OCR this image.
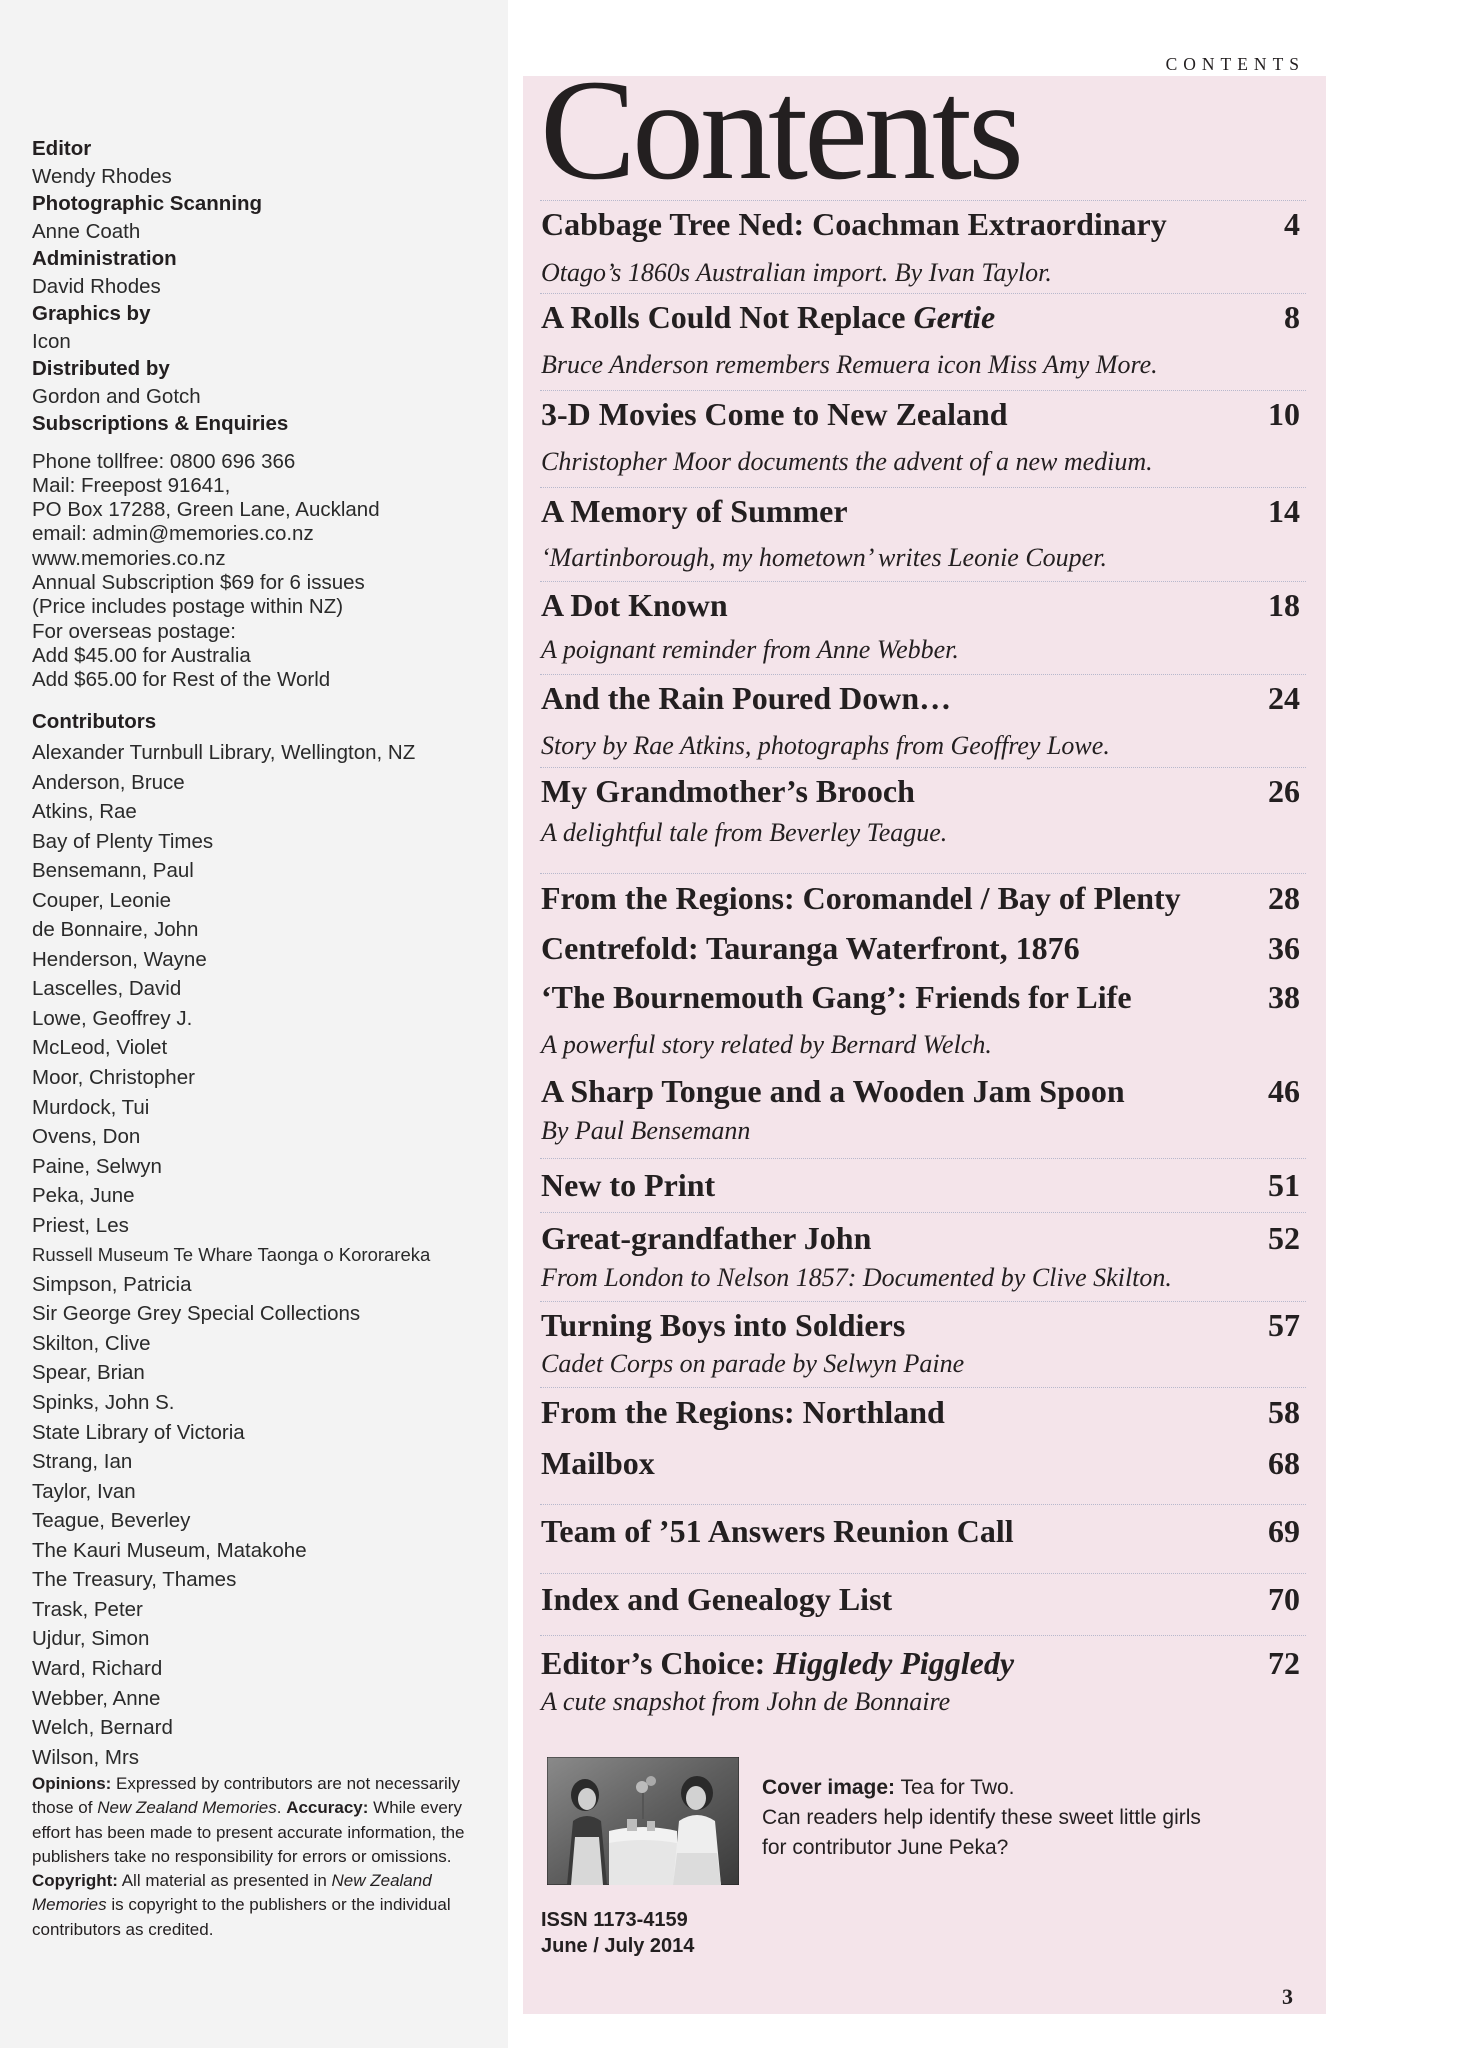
Editor
Wendy Rhodes
Photographic Scanning
Anne Coath
Administration
David Rhodes
Graphics by
Icon
Distributed by
Gordon and Gotch
Subscriptions & Enquiries
Phone tollfree: 0800 696 366
Mail: Freepost 91641,
PO Box 17288, Green Lane, Auckland
email: admin@memories.co.nz
www.memories.co.nz
Annual Subscription $69 for 6 issues
(Price includes postage within NZ)
For overseas postage:
Add $45.00 for Australia
Add $65.00 for Rest of the World
Contributors
Alexander Turnbull Library, Wellington, NZ
Anderson, Bruce
Atkins, Rae
Bay of Plenty Times
Bensemann, Paul
Couper, Leonie
de Bonnaire, John
Henderson, Wayne
Lascelles, David
Lowe, Geoffrey J.
McLeod, Violet
Moor, Christopher
Murdock, Tui
Ovens, Don
Paine, Selwyn
Peka, June
Priest, Les
Russell Museum Te Whare Taonga o Kororareka
Simpson, Patricia
Sir George Grey Special Collections
Skilton, Clive
Spear, Brian
Spinks, John S.
State Library of Victoria
Strang, Ian
Taylor, Ivan
Teague, Beverley
The Kauri Museum, Matakohe
The Treasury, Thames
Trask, Peter
Ujdur, Simon
Ward, Richard
Webber, Anne
Welch, Bernard
Wilson, Mrs
Opinions: Expressed by contributors are not necessarily those of New Zealand Memories. Accuracy: While every effort has been made to present accurate information, the publishers take no responsibility for errors or omissions. Copyright: All material as presented in New Zealand Memories is copyright to the publishers or the individual contributors as credited.
CONTENTS
Contents
Cabbage Tree Ned: Coachman Extraordinary	4
Otago’s 1860s Australian import. By Ivan Taylor.
A Rolls Could Not Replace Gertie	8
Bruce Anderson remembers Remuera icon Miss Amy More.
3-D Movies Come to New Zealand	10
Christopher Moor documents the advent of a new medium.
A Memory of Summer	14
‘Martinborough, my hometown’ writes Leonie Couper.
A Dot Known	18
A poignant reminder from Anne Webber.
And the Rain Poured Down…	24
Story by Rae Atkins, photographs from Geoffrey Lowe.
My Grandmother’s Brooch	26
A delightful tale from Beverley Teague.
From the Regions: Coromandel / Bay of Plenty	28
Centrefold: Tauranga Waterfront, 1876	36
‘The Bournemouth Gang’: Friends for Life	38
A powerful story related by Bernard Welch.
A Sharp Tongue and a Wooden Jam Spoon	46
By Paul Bensemann
New to Print	51
Great-grandfather John	52
From London to Nelson 1857: Documented by Clive Skilton.
Turning Boys into Soldiers	57
Cadet Corps on parade by Selwyn Paine
From the Regions: Northland	58
Mailbox	68
Team of ’51 Answers Reunion Call	69
Index and Genealogy List	70
Editor’s Choice: Higgledy Piggledy	72
A cute snapshot from John de Bonnaire
Cover image: Tea for Two.
Can readers help identify these sweet little girls
for contributor June Peka?
ISSN 1173-4159
June / July 2014
3
